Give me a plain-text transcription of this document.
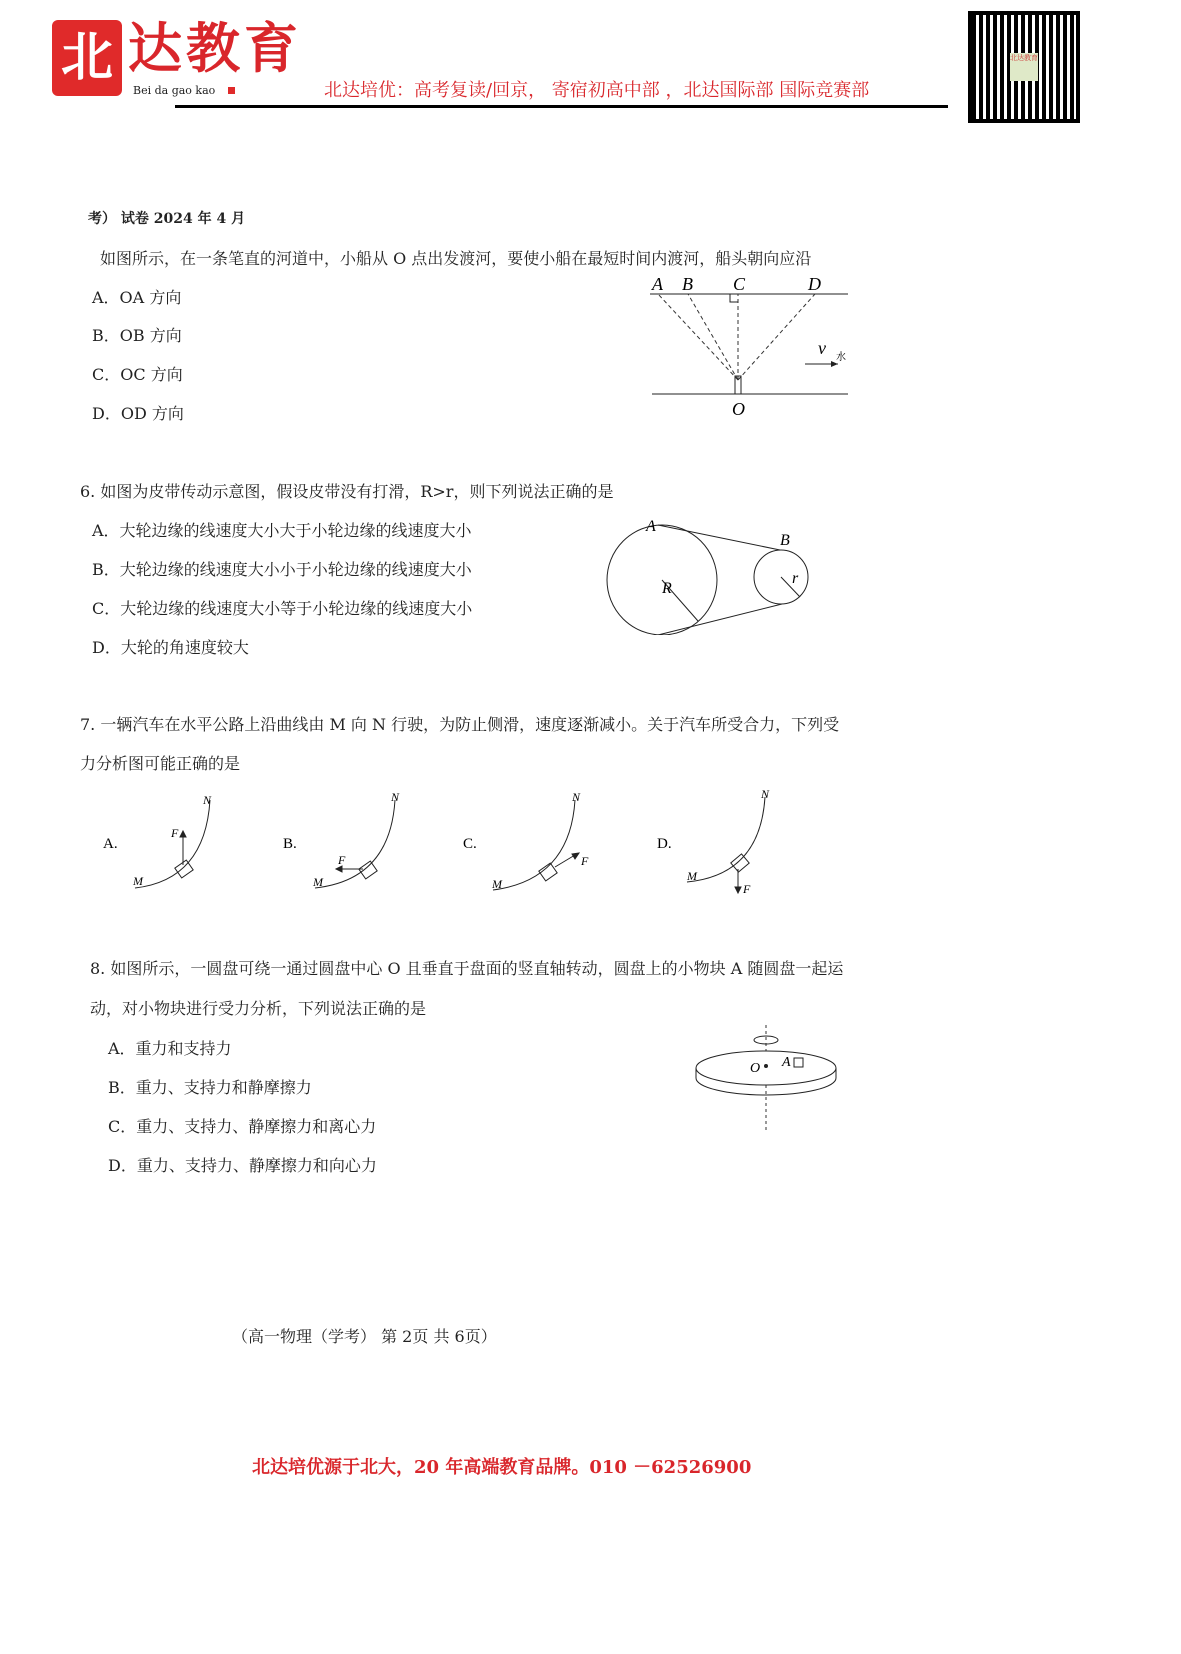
北 达教育
Bei da gao kao	北达培优：高考复读/回京， 寄宿初高中部 ，北达国际部 国际竞赛部
北达教育
考） 试卷 2024 年 4 月
如图所示，在一条笔直的河道中，小船从 O 点出发渡河，要使小船在最短时间内渡河，船头朝向应沿
A．OA 方向
B．OB 方向
C．OC 方向
D．OD 方向
A B C	D
O
v 水
6. 如图为皮带传动示意图，假设皮带没有打滑，R>r，则下列说法正确的是
A．大轮边缘的线速度大小大于小轮边缘的线速度大小
B．大轮边缘的线速度大小小于小轮边缘的线速度大小
C．大轮边缘的线速度大小等于小轮边缘的线速度大小
D．大轮的角速度较大
A
B
R
r
7. 一辆汽车在水平公路上沿曲线由 M 向 N 行驶，为防止侧滑，速度逐渐减小。关于汽车所受合力，下列受
力分析图可能正确的是
A.	B.	C.	D.
M
N
F
M
N
F
M
N
F
M
N
F
8. 如图所示，一圆盘可绕一通过圆盘中心 O 且垂直于盘面的竖直轴转动，圆盘上的小物块 A 随圆盘一起运
动，对小物块进行受力分析，下列说法正确的是
A．重力和支持力
B．重力、支持力和静摩擦力
C．重力、支持力、静摩擦力和离心力
D．重力、支持力、静摩擦力和向心力
O A
（高一物理（学考） 第 2页 共 6页）
北达培优源于北大，20 年高端教育品牌。010 －62526900
